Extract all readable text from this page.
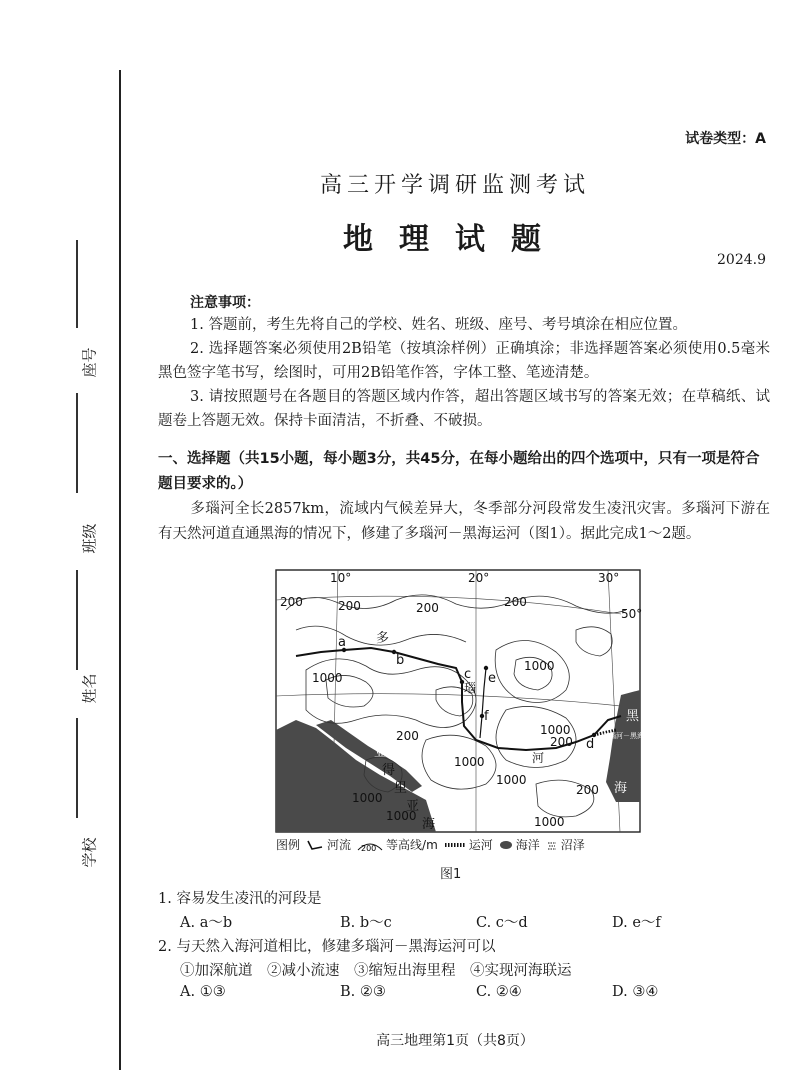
座号
班级
姓名
学校
试卷类型：A
高三开学调研监测考试
地理试题
2024.9
注意事项：
1. 答题前，考生先将自己的学校、姓名、班级、座号、考号填涂在相应位置。
2. 选择题答案必须使用2B铅笔（按填涂样例）正确填涂；非选择题答案必须使用0.5毫米黑色签字笔书写，绘图时，可用2B铅笔作答，字体工整、笔迹清楚。
3. 请按照题号在各题目的答题区域内作答，超出答题区域书写的答案无效；在草稿纸、试题卷上答题无效。保持卡面清洁，不折叠、不破损。
一、选择题（共15小题，每小题3分，共45分，在每小题给出的四个选项中，只有一项是符合题目要求的。）
多瑙河全长2857km，流域内气候差异大，冬季部分河段常发生凌汛灾害。多瑙河下游在有天然河道直通黑海的情况下，修建了多瑙河－黑海运河（图1）。据此完成1～2题。
10°	20°	30°
50°
200	200	200	200
1000
1000
1000
200
1000
1000
1000
1000
200
200
1000
a
b
c
d
e
f
多
瑙
河
亚
得
里
亚
海
黑
海
多瑙河－黑海运河
图例 河流 200 等高线/m	运河 海洋 沼泽
图1
1. 容易发生凌汛的河段是
A. a～b	B. b～c	C. c～d	D. e～f
2. 与天然入海河道相比，修建多瑙河－黑海运河可以
①加深航道　②减小流速　③缩短出海里程　④实现河海联运
A. ①③	B. ②③	C. ②④	D. ③④
高三地理第1页（共8页）
